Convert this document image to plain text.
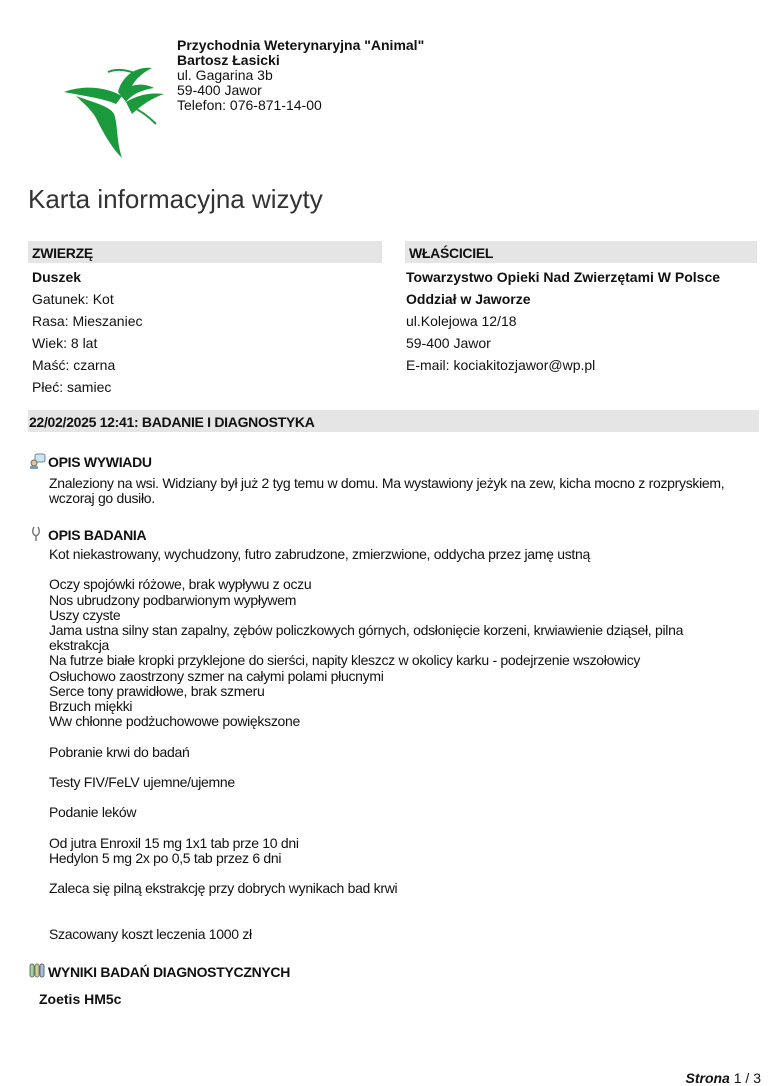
Przychodnia Weterynaryjna "Animal"
Bartosz Łasicki
ul. Gagarina 3b
59-400 Jawor
Telefon: 076-871-14-00
Karta informacyjna wizyty
ZWIERZĘ
Duszek
Gatunek: Kot
Rasa: Mieszaniec
Wiek: 8 lat
Maść: czarna
Płeć: samiec
WŁAŚCICIEL
Towarzystwo Opieki Nad Zwierzętami W Polsce
Oddział w Jaworze
ul.Kolejowa 12/18
59-400 Jawor
E-mail: kociakitozjawor@wp.pl
22/02/2025 12:41: BADANIE I DIAGNOSTYKA
OPIS WYWIADU
Znaleziony na wsi. Widziany był już 2 tyg temu w domu. Ma wystawiony jeżyk na zew, kicha mocno z rozpryskiem,
wczoraj go dusiło.
OPIS BADANIA
Kot niekastrowany, wychudzony, futro zabrudzone, zmierzwione, oddycha przez jamę ustną
Oczy spojówki różowe, brak wypływu z oczu
Nos ubrudzony podbarwionym wypływem
Uszy czyste
Jama ustna silny stan zapalny, zębów policzkowych górnych, odsłonięcie korzeni, krwiawienie dziąseł, pilna
ekstrakcja
Na futrze białe kropki przyklejone do sierści, napity kleszcz w okolicy karku - podejrzenie wszołowicy
Osłuchowo zaostrzony szmer na całymi polami płucnymi
Serce tony prawidłowe, brak szmeru
Brzuch miękki
Ww chłonne podżuchowowe powiększone
Pobranie krwi do badań
Testy FIV/FeLV ujemne/ujemne
Podanie leków
Od jutra Enroxil 15 mg 1x1 tab prze 10 dni
Hedylon 5 mg 2x po 0,5 tab przez 6 dni
Zaleca się pilną ekstrakcję przy dobrych wynikach bad krwi
Szacowany koszt leczenia 1000 zł
WYNIKI BADAŃ DIAGNOSTYCZNYCH
Zoetis HM5c
Strona 1 / 3
